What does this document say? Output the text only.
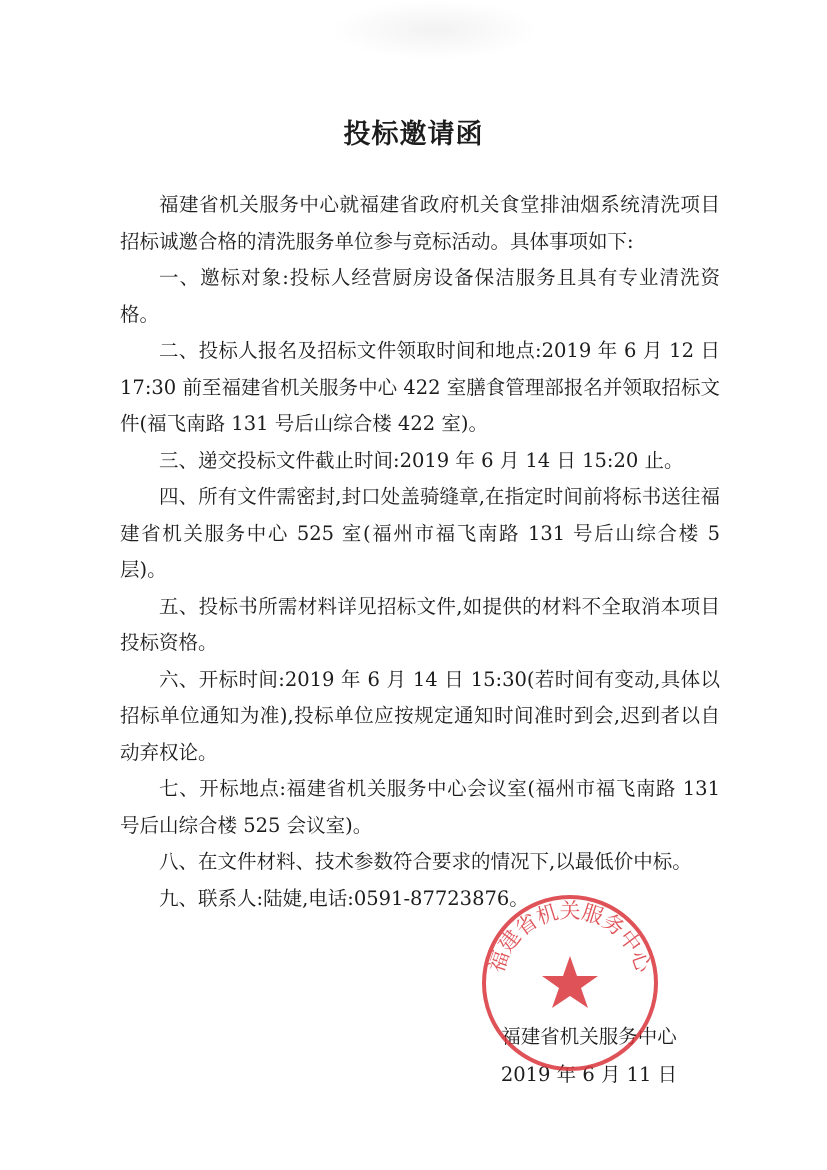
投标邀请函

福建省机关服务中心就福建省政府机关食堂排油烟系统清洗项目招标诚邀合格的清洗服务单位参与竞标活动。具体事项如下:

一、邀标对象:投标人经营厨房设备保洁服务且具有专业清洗资格。

二、投标人报名及招标文件领取时间和地点:2019 年 6 月 12 日 17:30 前至福建省机关服务中心 422 室膳食管理部报名并领取招标文件(福飞南路 131 号后山综合楼 422 室)。

三、递交投标文件截止时间:2019 年 6 月 14 日 15:20 止。

四、所有文件需密封,封口处盖骑缝章,在指定时间前将标书送往福建省机关服务中心 525 室(福州市福飞南路 131 号后山综合楼 5 层)。

五、投标书所需材料详见招标文件,如提供的材料不全取消本项目投标资格。

六、开标时间:2019 年 6 月 14 日 15:30(若时间有变动,具体以招标单位通知为准),投标单位应按规定通知时间准时到会,迟到者以自动弃权论。

七、开标地点:福建省机关服务中心会议室(福州市福飞南路 131 号后山综合楼 525 会议室)。

八、在文件材料、技术参数符合要求的情况下,以最低价中标。

九、联系人:陆婕,电话:0591-87723876。

福建省机关服务中心
2019 年 6 月 11 日
福建省机关服务中心
